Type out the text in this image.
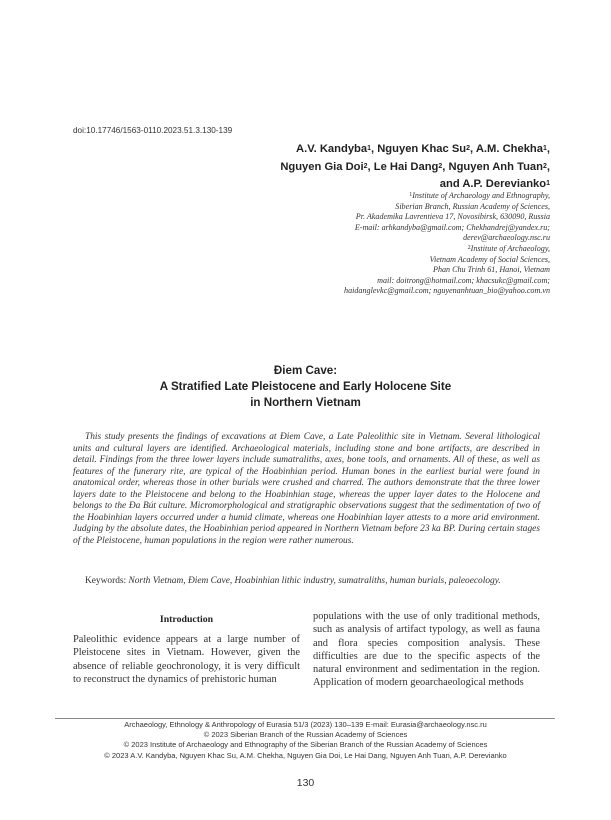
doi:10.17746/1563-0110.2023.51.3.130-139
A.V. Kandyba$^1$, Nguyen Khac Su$^2$, A.M. Chekha$^1$,
Nguyen Gia Doi$^2$, Le Hai Dang$^2$, Nguyen Anh Tuan$^2$,
and A.P. Derevianko$^1$
$^1$Institute of Archaeology and Ethnography,
Siberian Branch, Russian Academy of Sciences,
Pr. Akademika Lavrentieva 17, Novosibirsk, 630090, Russia
E-mail: arhkandyba@gmail.com; Chekhandrej@yandex.ru;
derev@archaeology.nsc.ru
$^2$Institute of Archaeology,
Vietnam Academy of Social Sciences,
Phan Chu Trinh 61, Hanoi, Vietnam
mail: doitrong@hotmail.com; khacsukc@gmail.com;
haidanglevkc@gmail.com; nguyenanhtuan_bio@yahoo.com.vn
Điem Cave:
A Stratified Late Pleistocene and Early Holocene Site
in Northern Vietnam

This study presents the findings of excavations at Điem Cave, a Late Paleolithic site in Vietnam. Several lithological units and cultural layers are identified. Archaeological materials, including stone and bone artifacts, are described in detail. Findings from the three lower layers include sumatraliths, axes, bone tools, and ornaments. All of these, as well as features of the funerary rite, are typical of the Hoabinhian period. Human bones in the earliest burial were found in anatomical order, whereas those in other burials were crushed and charred. The authors demonstrate that the three lower layers date to the Pleistocene and belong to the Hoabinhian stage, whereas the upper layer dates to the Holocene and belongs to the Đa Bút culture. Micromorphological and stratigraphic observations suggest that the sedimentation of two of the Hoabinhian layers occurred under a humid climate, whereas one Hoabinhian layer attests to a more arid environment. Judging by the absolute dates, the Hoabinhian period appeared in Northern Vietnam before 23 ka BP. During certain stages of the Pleistocene, human populations in the region were rather numerous.

Keywords: North Vietnam, Điem Cave, Hoabinhian lithic industry, sumatraliths, human burials, paleoecology.
Introduction

Paleolithic evidence appears at a large number of Pleistocene sites in Vietnam. However, given the absence of reliable geochronology, it is very difficult to reconstruct the dynamics of prehistoric human

populations with the use of only traditional methods, such as analysis of artifact typology, as well as fauna and flora species composition analysis. These difficulties are due to the specific aspects of the natural environment and sedimentation in the region. Application of modern geoarchaeological methods

Archaeology, Ethnology & Anthropology of Eurasia 51/3 (2023) 130–139 E-mail: Eurasia@archaeology.nsc.ru
© 2023 Siberian Branch of the Russian Academy of Sciences
© 2023 Institute of Archaeology and Ethnography of the Siberian Branch of the Russian Academy of Sciences
© 2023 A.V. Kandyba, Nguyen Khac Su, A.M. Chekha, Nguyen Gia Doi, Le Hai Dang, Nguyen Anh Tuan, A.P. Derevianko
130
